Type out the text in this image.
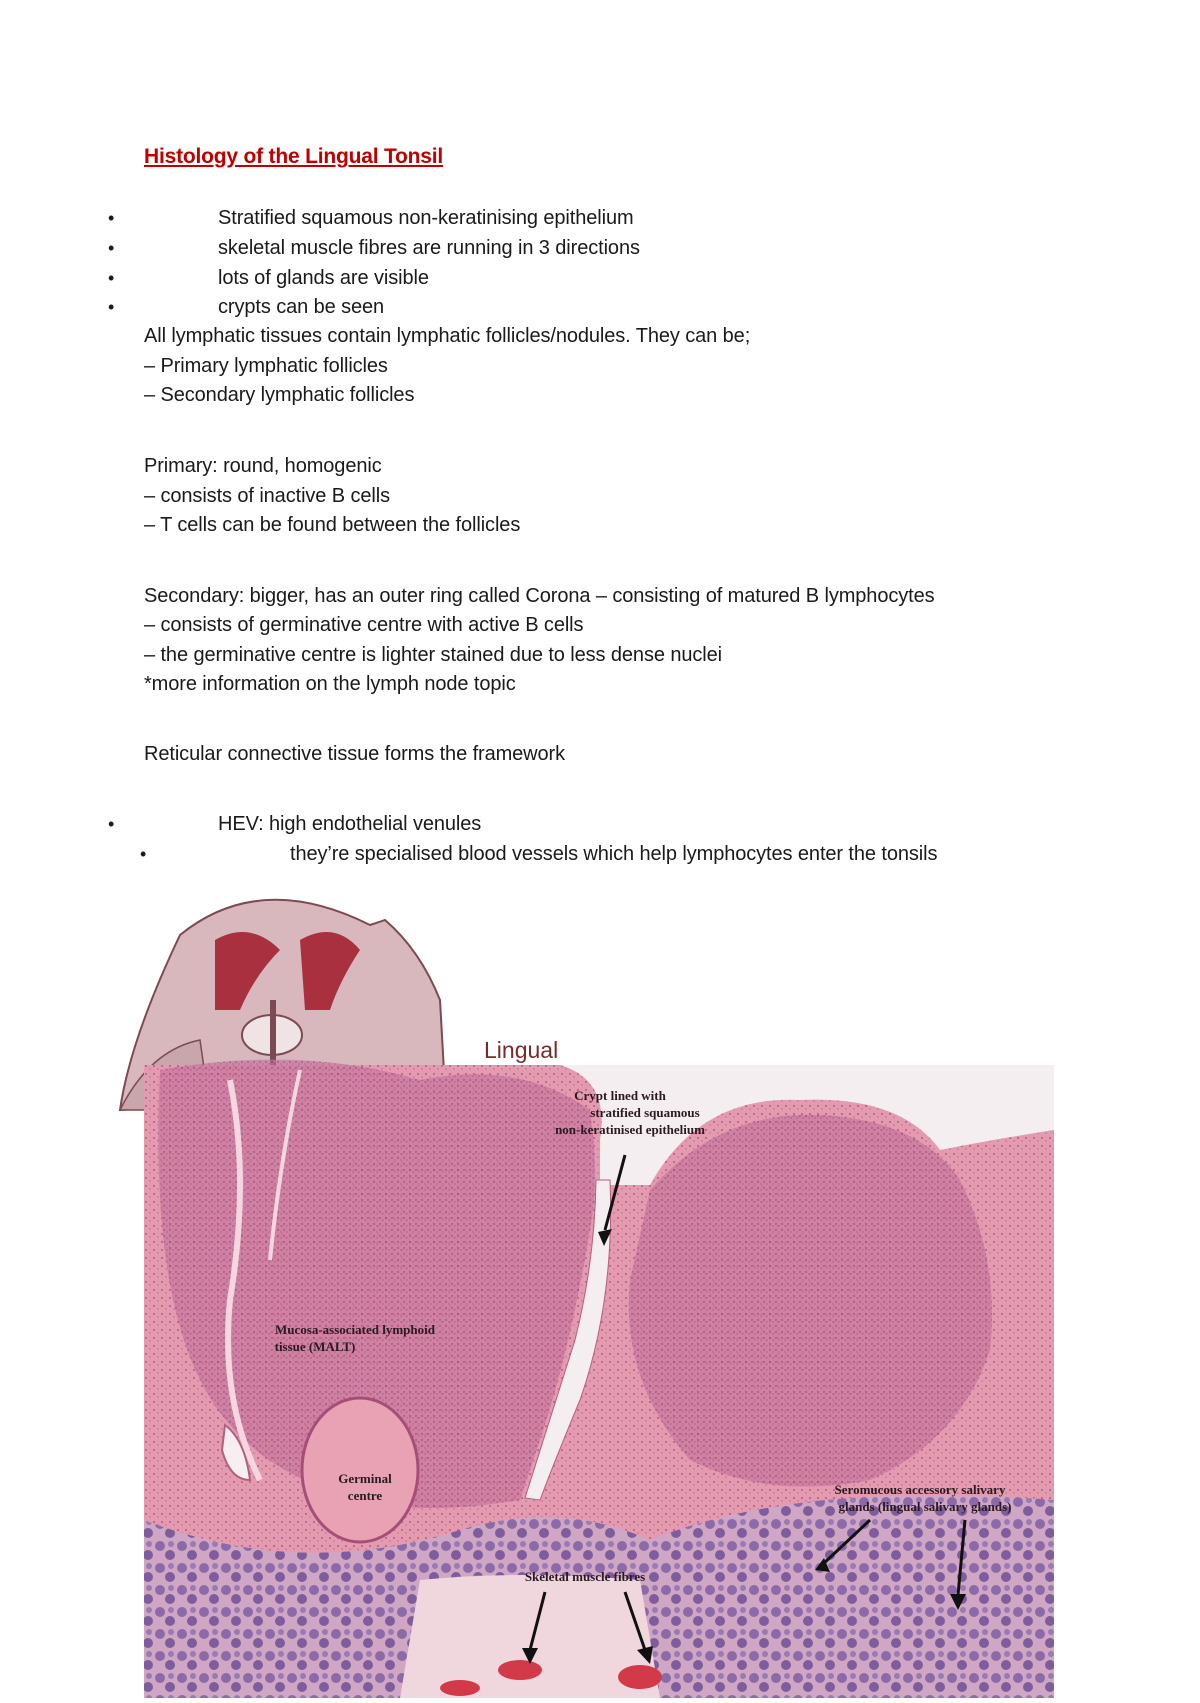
Histology of the Lingual Tonsil
•	Stratified squamous non-keratinising epithelium
•	skeletal muscle fibres are running in 3 directions
•	lots of glands are visible
•	crypts can be seen
All lymphatic tissues contain lymphatic follicles/nodules. They can be;
– Primary lymphatic follicles
– Secondary lymphatic follicles
Primary: round, homogenic
– consists of inactive B cells
– T cells can be found between the follicles
Secondary: bigger, has an outer ring called Corona – consisting of matured B lymphocytes
– consists of germinative centre with active B cells
– the germinative centre is lighter stained due to less dense nuclei
*more information on the lymph node topic
Reticular connective tissue forms the framework
•	HEV: high endothelial venules
•	they’re specialised blood vessels which help lymphocytes enter the tonsils
Lingual
Crypt lined with
stratified squamous
non-keratinised epithelium
Mucosa-associated lymphoid
tissue (MALT)
Germinal
centre	Seromucous accessory salivary
glands (lingual salivary glands)
Skeletal muscle fibres
